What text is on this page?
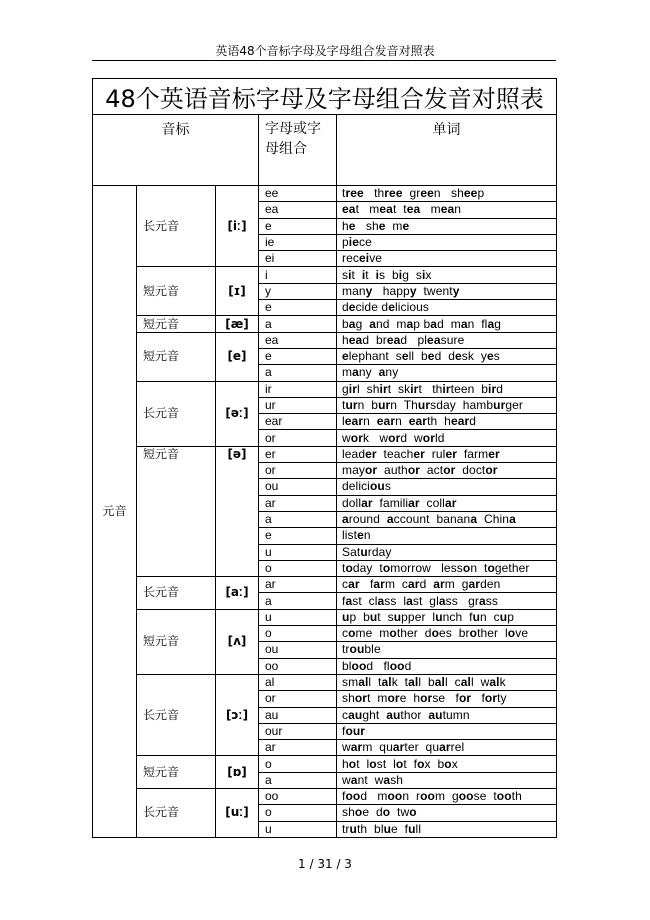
英语48个音标字母及字母组合发音对照表
48个英语音标字母及字母组合发音对照表				
音标			字母或字母组合	单词
元音	长元音	[iː]	ee	tree   three  green   sheep
			ea	eat   meat  tea   mean
			e	he   she  me
			ie	piece
			ei	receive
	短元音	[ɪ]	i	sit  it  is  big  six
			y	many   happy  twenty
			e	decide delicious
	短元音	[æ]	a	bag  and  map bad  man  flag
	短元音	[e]	ea	head  bread   pleasure
			e	elephant  sell  bed  desk  yes
			a	many  any
	长元音	[əː]	ir	girl  shirt  skirt   thirteen  bird
			ur	turn  burn  Thursday  hamburger
			ear	learn  earn  earth  heard
			or	work   word  world
	短元音	[ə]	er	leader  teacher  ruler  farmer
			or	mayor  author  actor  doctor
			ou	delicious
			ar	dollar  familiar  collar
			a	around  account  banana  China
			e	listen
			u	Saturday
			o	today  tomorrow   lesson  together
	长元音	[aː]	ar	car   farm  card  arm  garden
			a	fast  class  last  glass   grass
	短元音	[ʌ]	u	up  but  supper  lunch  fun  cup
			o	come  mother  does  brother  love
			ou	trouble
			oo	blood   flood
	长元音	[ɔː]	al	small  talk  tall  ball  call  walk
			or	short  more  horse   for   forty
			au	caught  author  autumn
			our	four
			ar	warm  quarter  quarrel
	短元音	[ɒ]	o	hot  lost  lot  fox  box
			a	want  wash
	长元音	[uː]	oo	food   moon  room  goose  tooth
			o	shoe  do  two
			u	truth  blue  full
1 / 31 / 3
